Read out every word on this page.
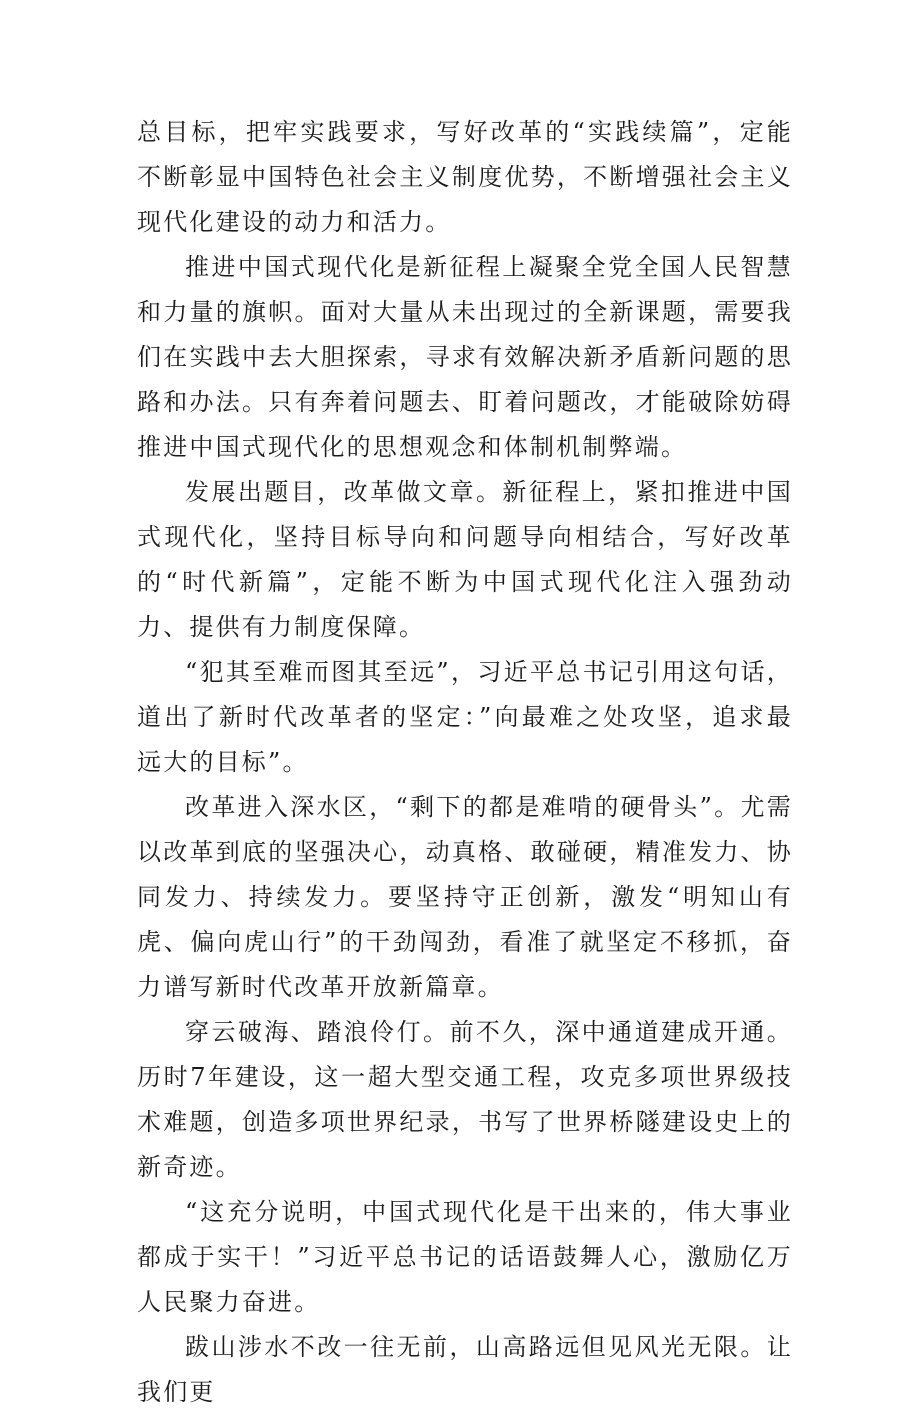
总目标，把牢实践要求，写好改革的“实践续篇”，定能不断彰显中国特色社会主义制度优势，不断增强社会主义现代化建设的动力和活力。

推进中国式现代化是新征程上凝聚全党全国人民智慧和力量的旗帜。面对大量从未出现过的全新课题，需要我们在实践中去大胆探索，寻求有效解决新矛盾新问题的思路和办法。只有奔着问题去、盯着问题改，才能破除妨碍推进中国式现代化的思想观念和体制机制弊端。

发展出题目，改革做文章。新征程上，紧扣推进中国式现代化，坚持目标导向和问题导向相结合，写好改革的“时代新篇”，定能不断为中国式现代化注入强劲动力、提供有力制度保障。

“犯其至难而图其至远”，习近平总书记引用这句话，道出了新时代改革者的坚定：”向最难之处攻坚，追求最远大的目标”。

改革进入深水区，“剩下的都是难啃的硬骨头”。尤需以改革到底的坚强决心，动真格、敢碰硬，精准发力、协同发力、持续发力。要坚持守正创新，激发“明知山有虎、偏向虎山行”的干劲闯劲，看准了就坚定不移抓，奋力谱写新时代改革开放新篇章。

穿云破海、踏浪伶仃。前不久，深中通道建成开通。历时7年建设，这一超大型交通工程，攻克多项世界级技术难题，创造多项世界纪录，书写了世界桥隧建设史上的新奇迹。

“这充分说明，中国式现代化是干出来的，伟大事业都成于实干！”习近平总书记的话语鼓舞人心，激励亿万人民聚力奋进。

跋山涉水不改一往无前，山高路远但见风光无限。让我们更
